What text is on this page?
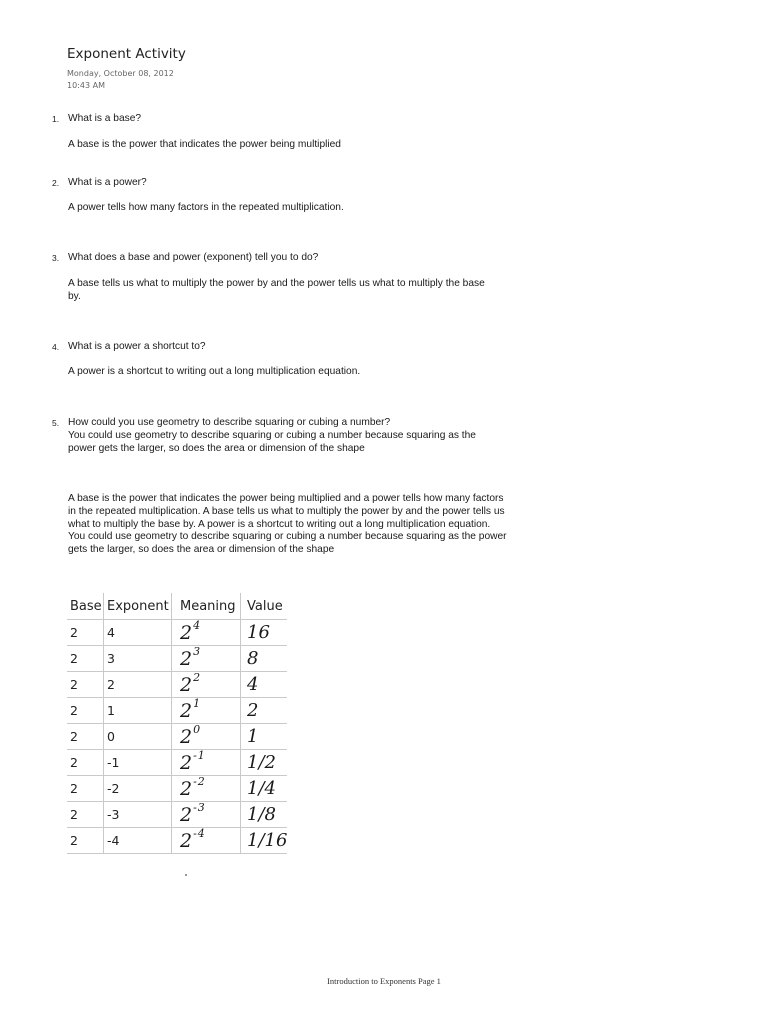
Exponent Activity
Monday, October 08, 2012
10:43 AM
1. What is a base?
A base is the power that indicates the power being multiplied
2. What is a power?
A power tells how many factors in the repeated multiplication.
3. What does a base and power (exponent) tell you to do?
A base tells us what to multiply the power by and the power tells us what to multiply the base by.
4. What is a power a shortcut to?
A power is a shortcut to writing out a long multiplication equation.
5. How could you use geometry to describe squaring or cubing a number?
You could use geometry to describe squaring or cubing a number because squaring as the power gets the larger, so does the area or dimension of the shape
A base is the power that indicates the power being multiplied and a power tells how many factors in the repeated multiplication. A base tells us what to multiply the power by and the power tells us what to multiply the base by. A power is a shortcut to writing out a long multiplication equation. You could use geometry to describe squaring or cubing a number because squaring as the power gets the larger, so does the area or dimension of the shape
Base	Exponent	Meaning	Value
2	4	$2^4$	16
2	3	$2^3$	8
2	2	$2^2$	4
2	1	$2^1$	2
2	0	$2^0$	1
2	-1	$2^{-1}$	1/2
2	-2	$2^{-2}$	1/4
2	-3	$2^{-3}$	1/8
2	-4	$2^{-4}$	1/16
Introduction to Exponents Page 1
